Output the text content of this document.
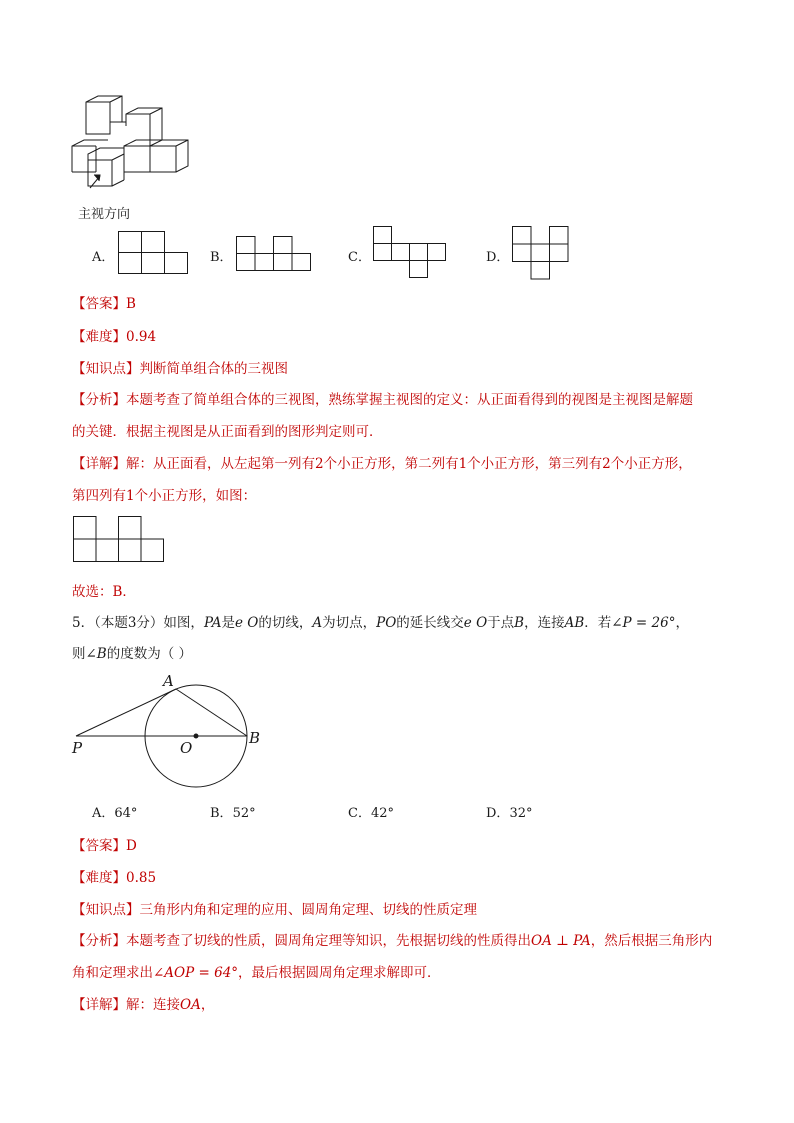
主视方向
A．	B．	C．	D．
【答案】B
【难度】0.94
【知识点】判断简单组合体的三视图
【分析】本题考查了简单组合体的三视图，熟练掌握主视图的定义：从正面看得到的视图是主视图是解题
的关键．根据主视图是从正面看到的图形判定则可．
【详解】解：从正面看，从左起第一列有2个小正方形，第二列有1个小正方形，第三列有2个小正方形，
第四列有1个小正方形，如图：
故选：B．
5．（本题3分）如图，PA是e O的切线，A为切点，PO的延长线交e O于点B，连接AB．若∠P = 26°，
则∠B的度数为（ ）
A
P	O
B
A．64°	B．52°	C．42°	D．32°
【答案】D
【难度】0.85
【知识点】三角形内角和定理的应用、圆周角定理、切线的性质定理
【分析】本题考查了切线的性质，圆周角定理等知识，先根据切线的性质得出OA ⊥ PA，然后根据三角形内
角和定理求出∠AOP = 64°，最后根据圆周角定理求解即可．
【详解】解：连接OA，
